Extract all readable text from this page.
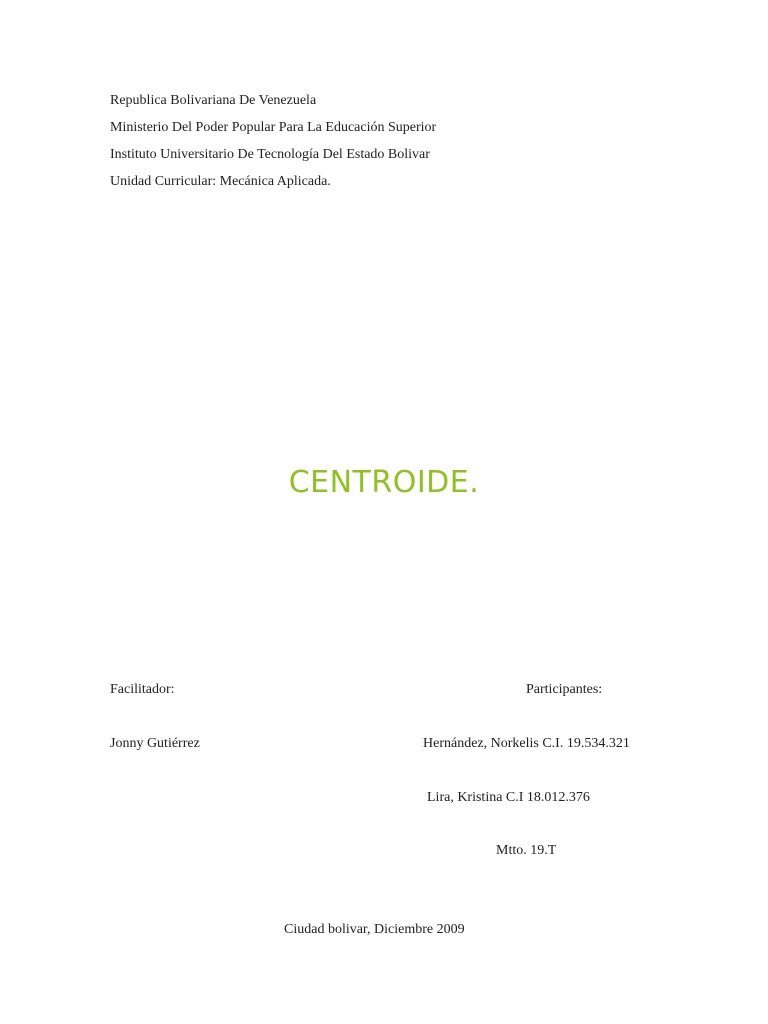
Republica Bolivariana De Venezuela
Ministerio Del Poder Popular Para La Educación Superior
Instituto Universitario De Tecnología Del Estado Bolivar
Unidad Curricular: Mecánica Aplicada.
CENTROIDE.
Facilitador:	Participantes:
Jonny Gutiérrez	Hernández, Norkelis C.I. 19.534.321
Lira, Kristina C.I 18.012.376
Mtto. 19.T
Ciudad bolivar, Diciembre 2009
